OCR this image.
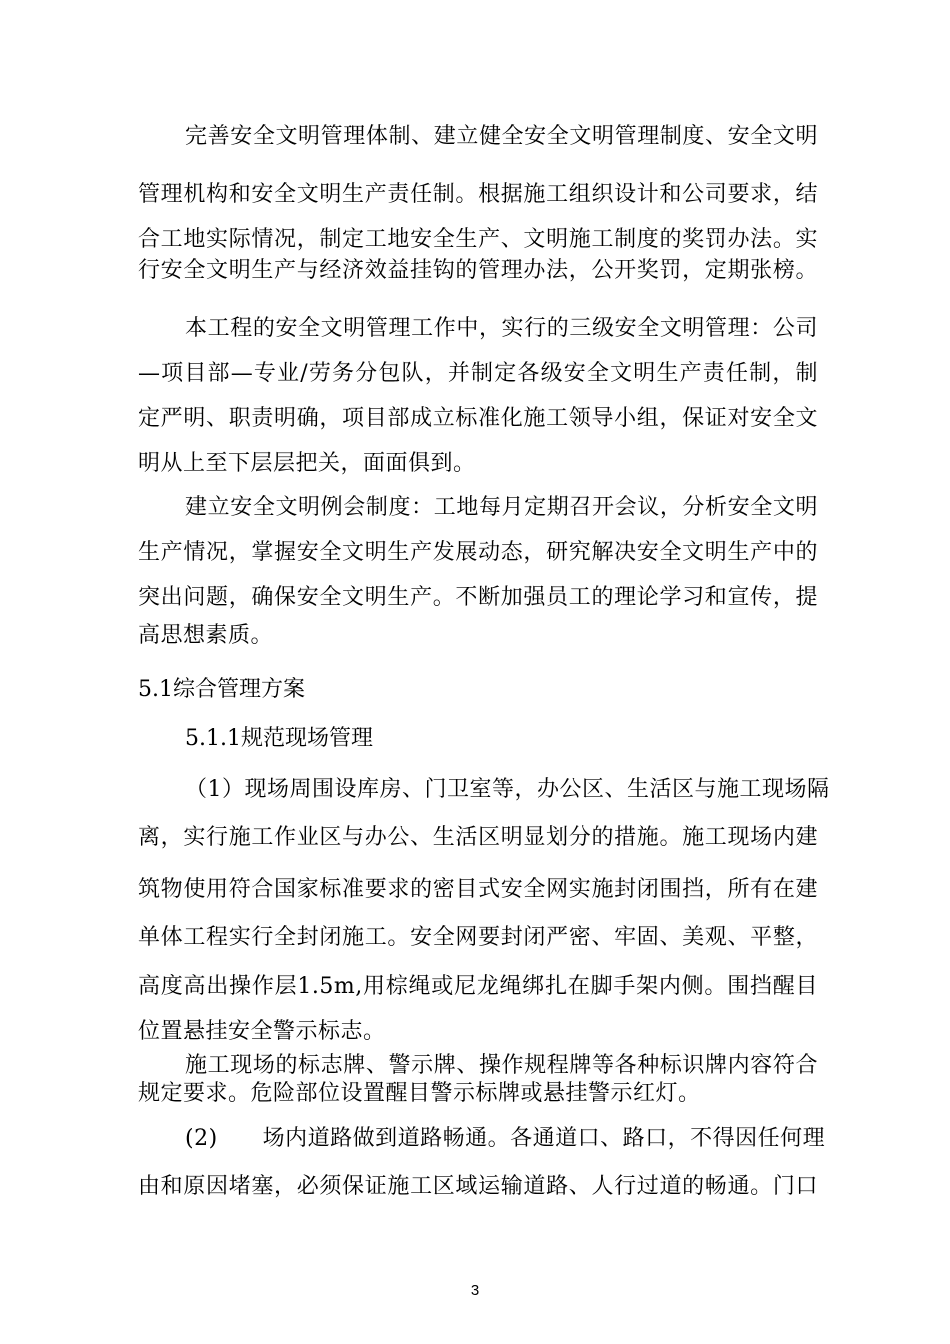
完善安全文明管理体制、建立健全安全文明管理制度、安全文明
管理机构和安全文明生产责任制。根据施工组织设计和公司要求，结
合工地实际情况，制定工地安全生产、文明施工制度的奖罚办法。实
行安全文明生产与经济效益挂钩的管理办法，公开奖罚，定期张榜。
本工程的安全文明管理工作中，实行的三级安全文明管理：公司
—项目部—专业/劳务分包队，并制定各级安全文明生产责任制，制
定严明、职责明确，项目部成立标准化施工领导小组，保证对安全文
明从上至下层层把关，面面俱到。
建立安全文明例会制度：工地每月定期召开会议，分析安全文明
生产情况，掌握安全文明生产发展动态，研究解决安全文明生产中的
突出问题，确保安全文明生产。不断加强员工的理论学习和宣传，提
高思想素质。
5.1综合管理方案
5.1.1规范现场管理
（1）现场周围设库房、门卫室等，办公区、生活区与施工现场隔
离，实行施工作业区与办公、生活区明显划分的措施。施工现场内建
筑物使用符合国家标准要求的密目式安全网实施封闭围挡，所有在建
单体工程实行全封闭施工。安全网要封闭严密、牢固、美观、平整，
高度高出操作层1.5m,用棕绳或尼龙绳绑扎在脚手架内侧。围挡醒目
位置悬挂安全警示标志。
施工现场的标志牌、警示牌、操作规程牌等各种标识牌内容符合
规定要求。危险部位设置醒目警示标牌或悬挂警示红灯。
(2)　　场内道路做到道路畅通。各通道口、路口，不得因任何理
由和原因堵塞，必须保证施工区域运输道路、人行过道的畅通。门口
3
